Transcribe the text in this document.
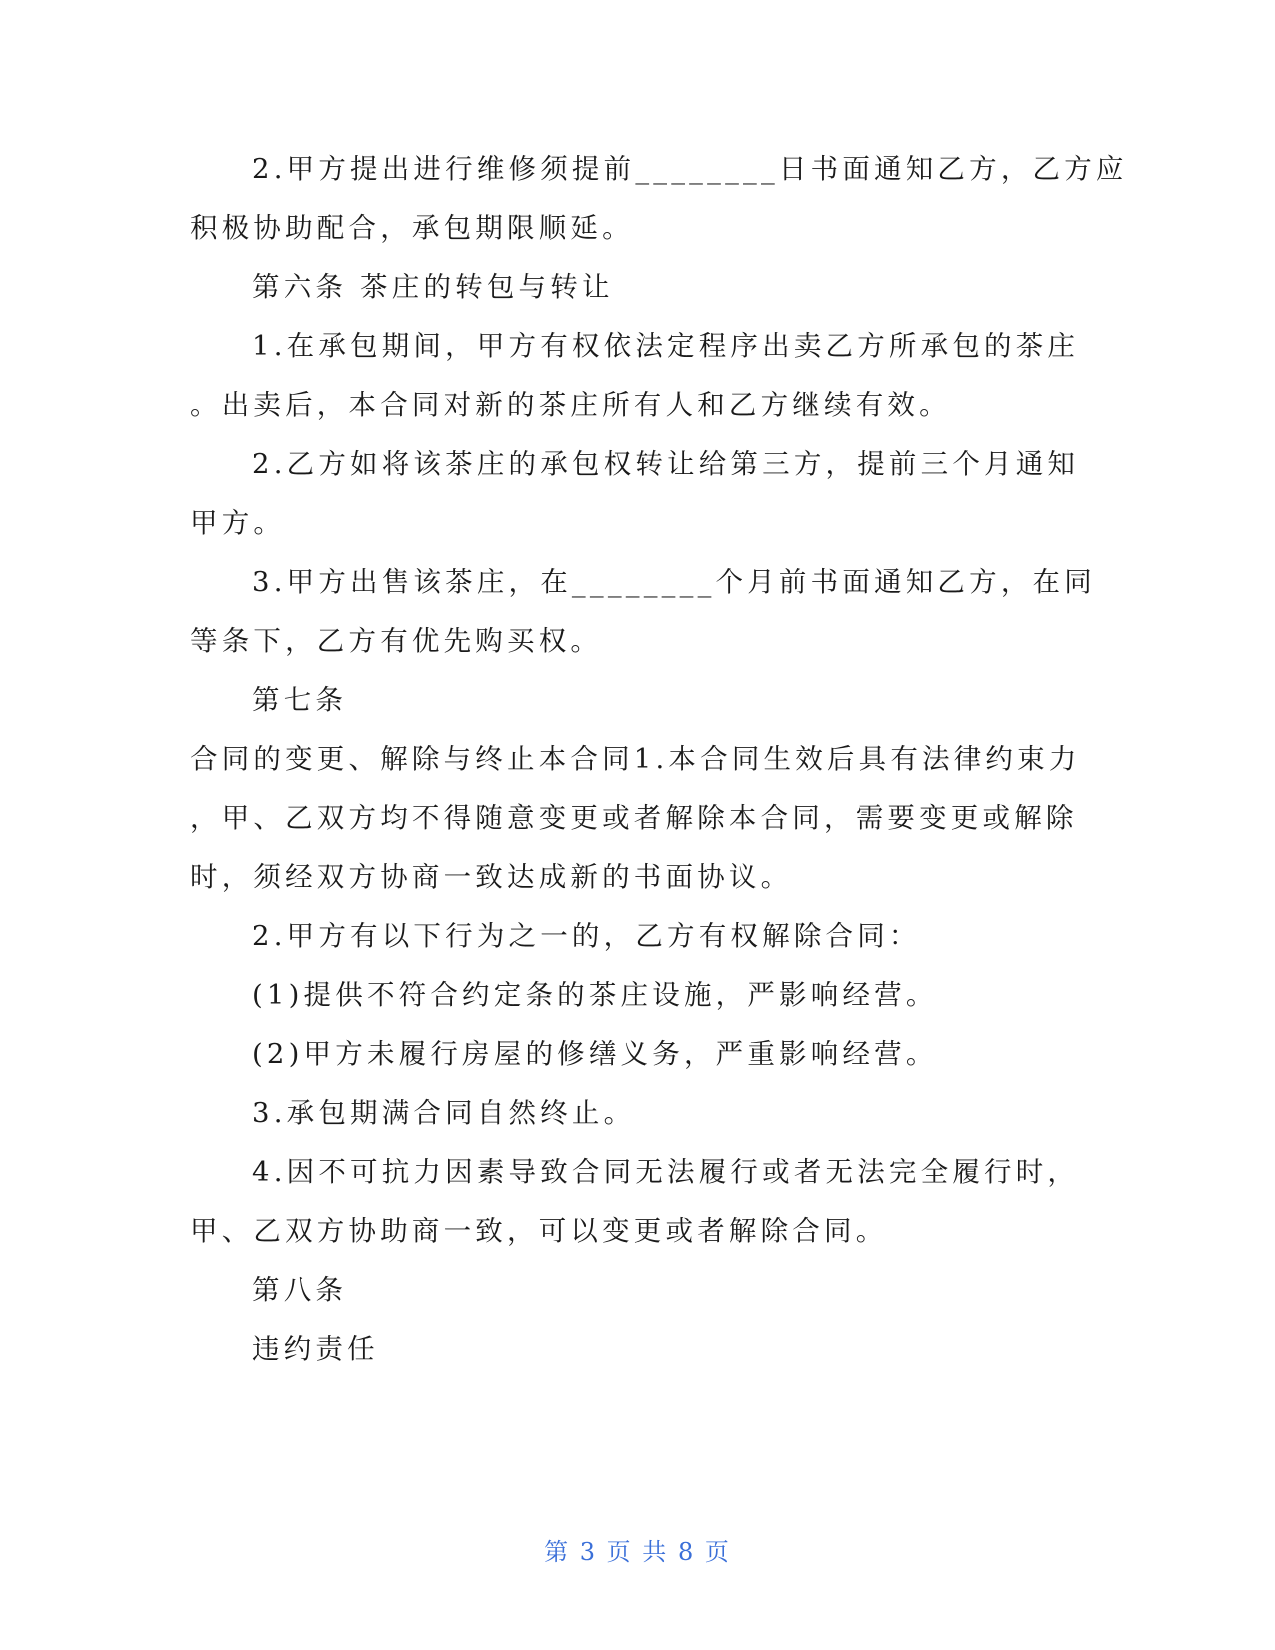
2.甲方提出进行维修须提前________日书面通知乙方，乙方应
积极协助配合，承包期限顺延。
第六条 茶庄的转包与转让
1.在承包期间，甲方有权依法定程序出卖乙方所承包的茶庄
。出卖后，本合同对新的茶庄所有人和乙方继续有效。
2.乙方如将该茶庄的承包权转让给第三方，提前三个月通知
甲方。
3.甲方出售该茶庄，在________个月前书面通知乙方，在同
等条下，乙方有优先购买权。
第七条
合同的变更、解除与终止本合同1.本合同生效后具有法律约束力
，甲、乙双方均不得随意变更或者解除本合同，需要变更或解除
时，须经双方协商一致达成新的书面协议。
2.甲方有以下行为之一的，乙方有权解除合同：
(1)提供不符合约定条的茶庄设施，严影响经营。
(2)甲方未履行房屋的修缮义务，严重影响经营。
3.承包期满合同自然终止。
4.因不可抗力因素导致合同无法履行或者无法完全履行时，
甲、乙双方协助商一致，可以变更或者解除合同。
第八条
违约责任
第 3 页 共 8 页
